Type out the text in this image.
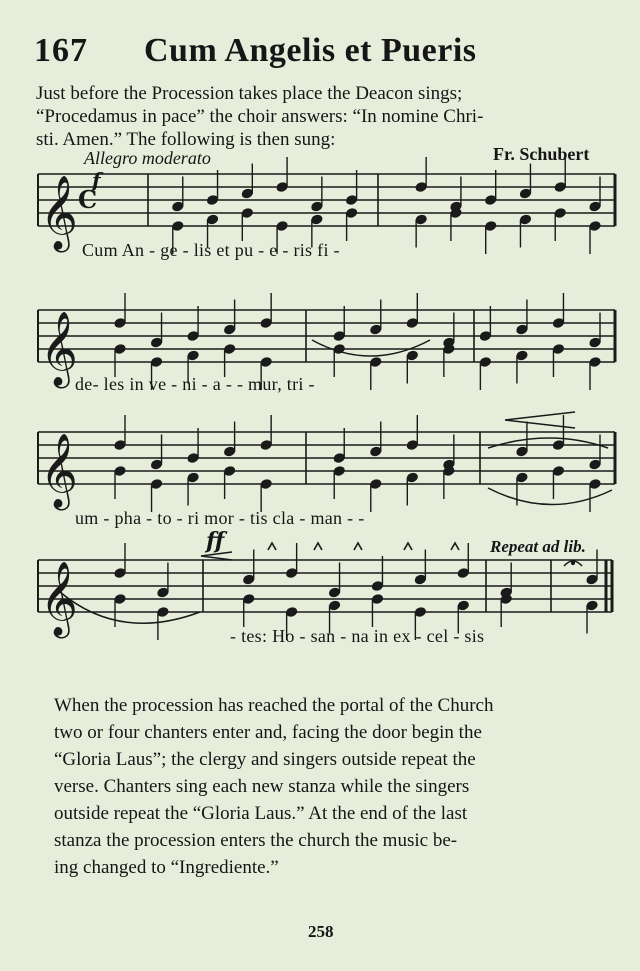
167 Cum Angelis et Pueris
Just before the Procession takes place the Deacon sings;
“Procedamus in pace” the choir answers: “In nomine Chri-
sti. Amen.” The following is then sung:
Allegro moderato	Fr. Schubert
𝄞 C
𝄞
𝄞
𝄞
f
ff	Repeat ad lib.
Cum An - ge - lis et pu - e - ris fi -
de- les in ve - ni - a - - mur, tri -
um - pha - to - ri mor - tis cla - man - -
- tes: Ho - san - na in ex - cel - sis
When the procession has reached the portal of the Church
two or four chanters enter and, facing the door begin the
“Gloria Laus”; the clergy and singers outside repeat the
verse. Chanters sing each new stanza while the singers
outside repeat the “Gloria Laus.” At the end of the last
stanza the procession enters the church the music be-
ing changed to “Ingrediente.”
258
